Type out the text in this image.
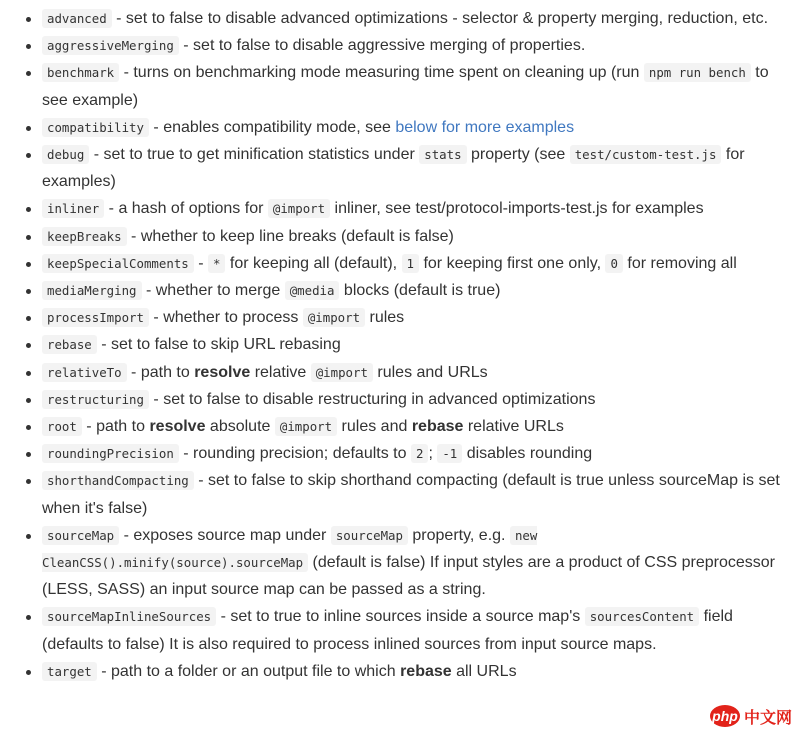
advanced - set to false to disable advanced optimizations - selector & property merging, reduction, etc.
aggressiveMerging - set to false to disable aggressive merging of properties.
benchmark - turns on benchmarking mode measuring time spent on cleaning up (run npm run bench to see example)
compatibility - enables compatibility mode, see below for more examples
debug - set to true to get minification statistics under stats property (see test/custom-test.js for examples)
inliner - a hash of options for @import inliner, see test/protocol-imports-test.js for examples
keepBreaks - whether to keep line breaks (default is false)
keepSpecialComments - * for keeping all (default), 1 for keeping first one only, 0 for removing all
mediaMerging - whether to merge @media blocks (default is true)
processImport - whether to process @import rules
rebase - set to false to skip URL rebasing
relativeTo - path to resolve relative @import rules and URLs
restructuring - set to false to disable restructuring in advanced optimizations
root - path to resolve absolute @import rules and rebase relative URLs
roundingPrecision - rounding precision; defaults to 2 ; -1 disables rounding
shorthandCompacting - set to false to skip shorthand compacting (default is true unless sourceMap is set when it's false)
sourceMap - exposes source map under sourceMap property, e.g. new CleanCSS().minify(source).sourceMap (default is false) If input styles are a product of CSS preprocessor (LESS, SASS) an input source map can be passed as a string.
sourceMapInlineSources - set to true to inline sources inside a source map's sourcesContent field (defaults to false) It is also required to process inlined sources from input source maps.
target - path to a folder or an output file to which rebase all URLs
php 中文网
